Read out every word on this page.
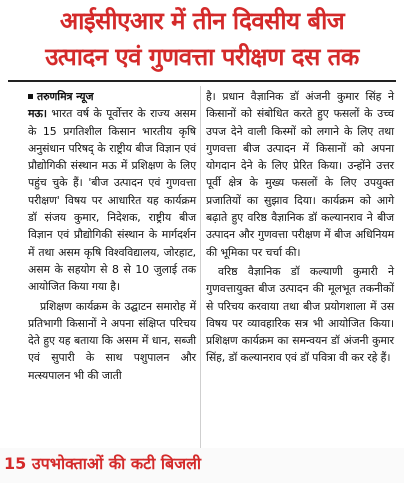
आईसीएआर में तीन दिवसीय बीज
उत्पादन एवं गुणवत्ता परीक्षण दस तक

तरुणमित्र न्यूज

मऊ। भारत वर्ष के पूर्वोत्तर के राज्य असम के 15 प्रगतिशील किसान भारतीय कृषि अनुसंधान परिषद् के राष्ट्रीय बीज विज्ञान एवं प्रौद्योगिकी संस्थान मऊ में प्रशिक्षण के लिए पहुंच चुके हैं। 'बीज उत्पादन एवं गुणवत्ता परीक्षण' विषय पर आधारित यह कार्यक्रम डॉ संजय कुमार, निदेशक, राष्ट्रीय बीज विज्ञान एवं प्रौद्योगिकी संस्थान के मार्गदर्शन में तथा असम कृषि विश्वविद्यालय, जोरहाट, असम के सहयोग से 8 से 10 जुलाई तक आयोजित किया गया है।

प्रशिक्षण कार्यक्रम के उद्घाटन समारोह में प्रतिभागी किसानों ने अपना संक्षिप्त परिचय देते हुए यह बताया कि असम में धान, सब्जी एवं सुपारी के साथ पशुपालन और मत्स्यपालन भी की जाती

है। प्रधान वैज्ञानिक डॉ अंजनी कुमार सिंह ने किसानों को संबोधित करते हुए फसलों के उच्च उपज देने वाली किस्मों को लगाने के लिए तथा गुणवत्ता बीज उत्पादन में किसानों को अपना योगदान देने के लिए प्रेरित किया। उन्होंने उत्तर पूर्वी क्षेत्र के मुख्य फसलों के लिए उपयुक्त प्रजातियों का सुझाव दिया। कार्यक्रम को आगे बढ़ाते हुए वरिष्ठ वैज्ञानिक डॉ कल्यानराव ने बीज उत्पादन और गुणवत्ता परीक्षण में बीज अधिनियम की भूमिका पर चर्चा की।

वरिष्ठ वैज्ञानिक डॉ कल्याणी कुमारी ने गुणवत्तायुक्त बीज उत्पादन की मूलभूत तकनीकों से परिचय करवाया तथा बीज प्रयोगशाला में उस विषय पर व्यावहारिक सत्र भी आयोजित किया। प्रशिक्षण कार्यक्रम का समन्वयन डॉ अंजनी कुमार सिंह, डॉ कल्यानराव एवं डॉ पवित्रा वी कर रहे हैं।

15 उपभोक्ताओं की कटी बिजली
